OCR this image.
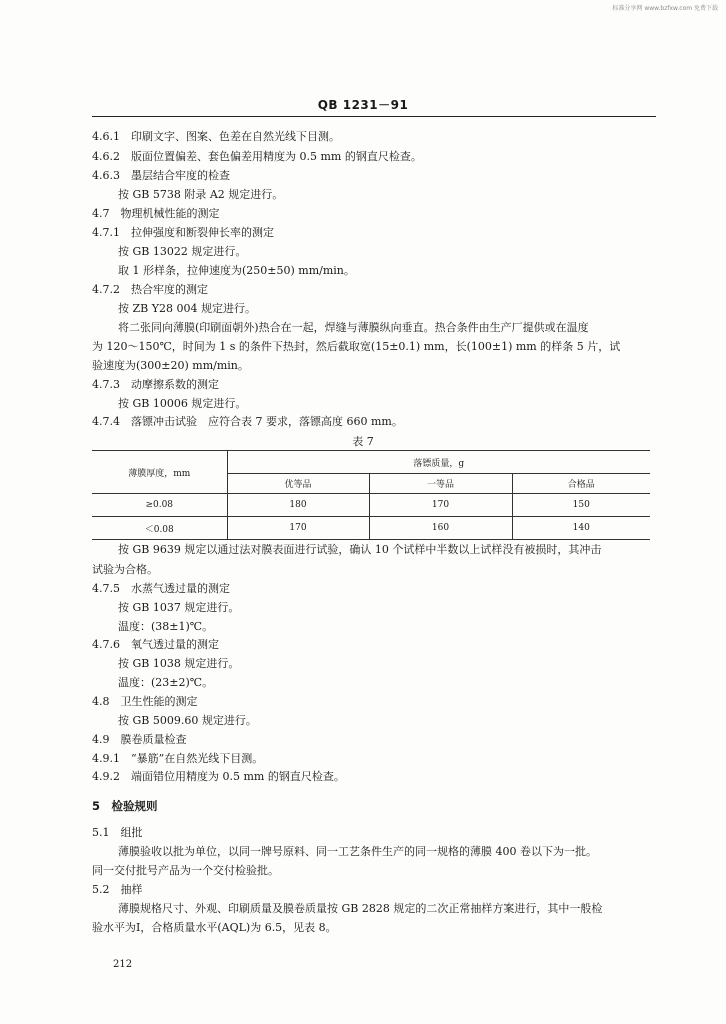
标准分享网 www.bzfxw.com 免费下载
QB 1231－91
4.6.1　印刷文字、图案、色差在自然光线下目测。
4.6.2　版面位置偏差、套色偏差用精度为 0.5 mm 的钢直尺检查。
4.6.3　墨层结合牢度的检查
按 GB 5738 附录 A2 规定进行。
4.7　物理机械性能的测定
4.7.1　拉伸强度和断裂伸长率的测定
按 GB 13022 规定进行。
取 1 形样条，拉伸速度为(250±50) mm/min。
4.7.2　热合牢度的测定
按 ZB Y28 004 规定进行。
将二张同向薄膜(印刷面朝外)热合在一起，焊缝与薄膜纵向垂直。热合条件由生产厂提供或在温度
为 120～150℃，时间为 1 s 的条件下热封，然后截取宽(15±0.1) mm，长(100±1) mm 的样条 5 片，试
验速度为(300±20) mm/min。
4.7.3　动摩擦系数的测定
按 GB 10006 规定进行。
4.7.4　落镖冲击试验　应符合表 7 要求，落镖高度 660 mm。
表 7
薄膜厚度，mm	落镖质量，g		
	优等品	一等品	合格品
≥0.08	180	170	150
＜0.08	170	160	140
按 GB 9639 规定以通过法对膜表面进行试验，确认 10 个试样中半数以上试样没有被损时，其冲击
试验为合格。
4.7.5　水蒸气透过量的测定
按 GB 1037 规定进行。
温度：(38±1)℃。
4.7.6　氧气透过量的测定
按 GB 1038 规定进行。
温度：(23±2)℃。
4.8　卫生性能的测定
按 GB 5009.60 规定进行。
4.9　膜卷质量检查
4.9.1　“暴筋”在自然光线下目测。
4.9.2　端面错位用精度为 0.5 mm 的钢直尺检查。
5　检验规则
5.1　组批
薄膜验收以批为单位，以同一牌号原料、同一工艺条件生产的同一规格的薄膜 400 卷以下为一批。
同一交付批号产品为一个交付检验批。
5.2　抽样
薄膜规格尺寸、外观、印刷质量及膜卷质量按 GB 2828 规定的二次正常抽样方案进行，其中一般检
验水平为Ⅰ，合格质量水平(AQL)为 6.5，见表 8。
212
